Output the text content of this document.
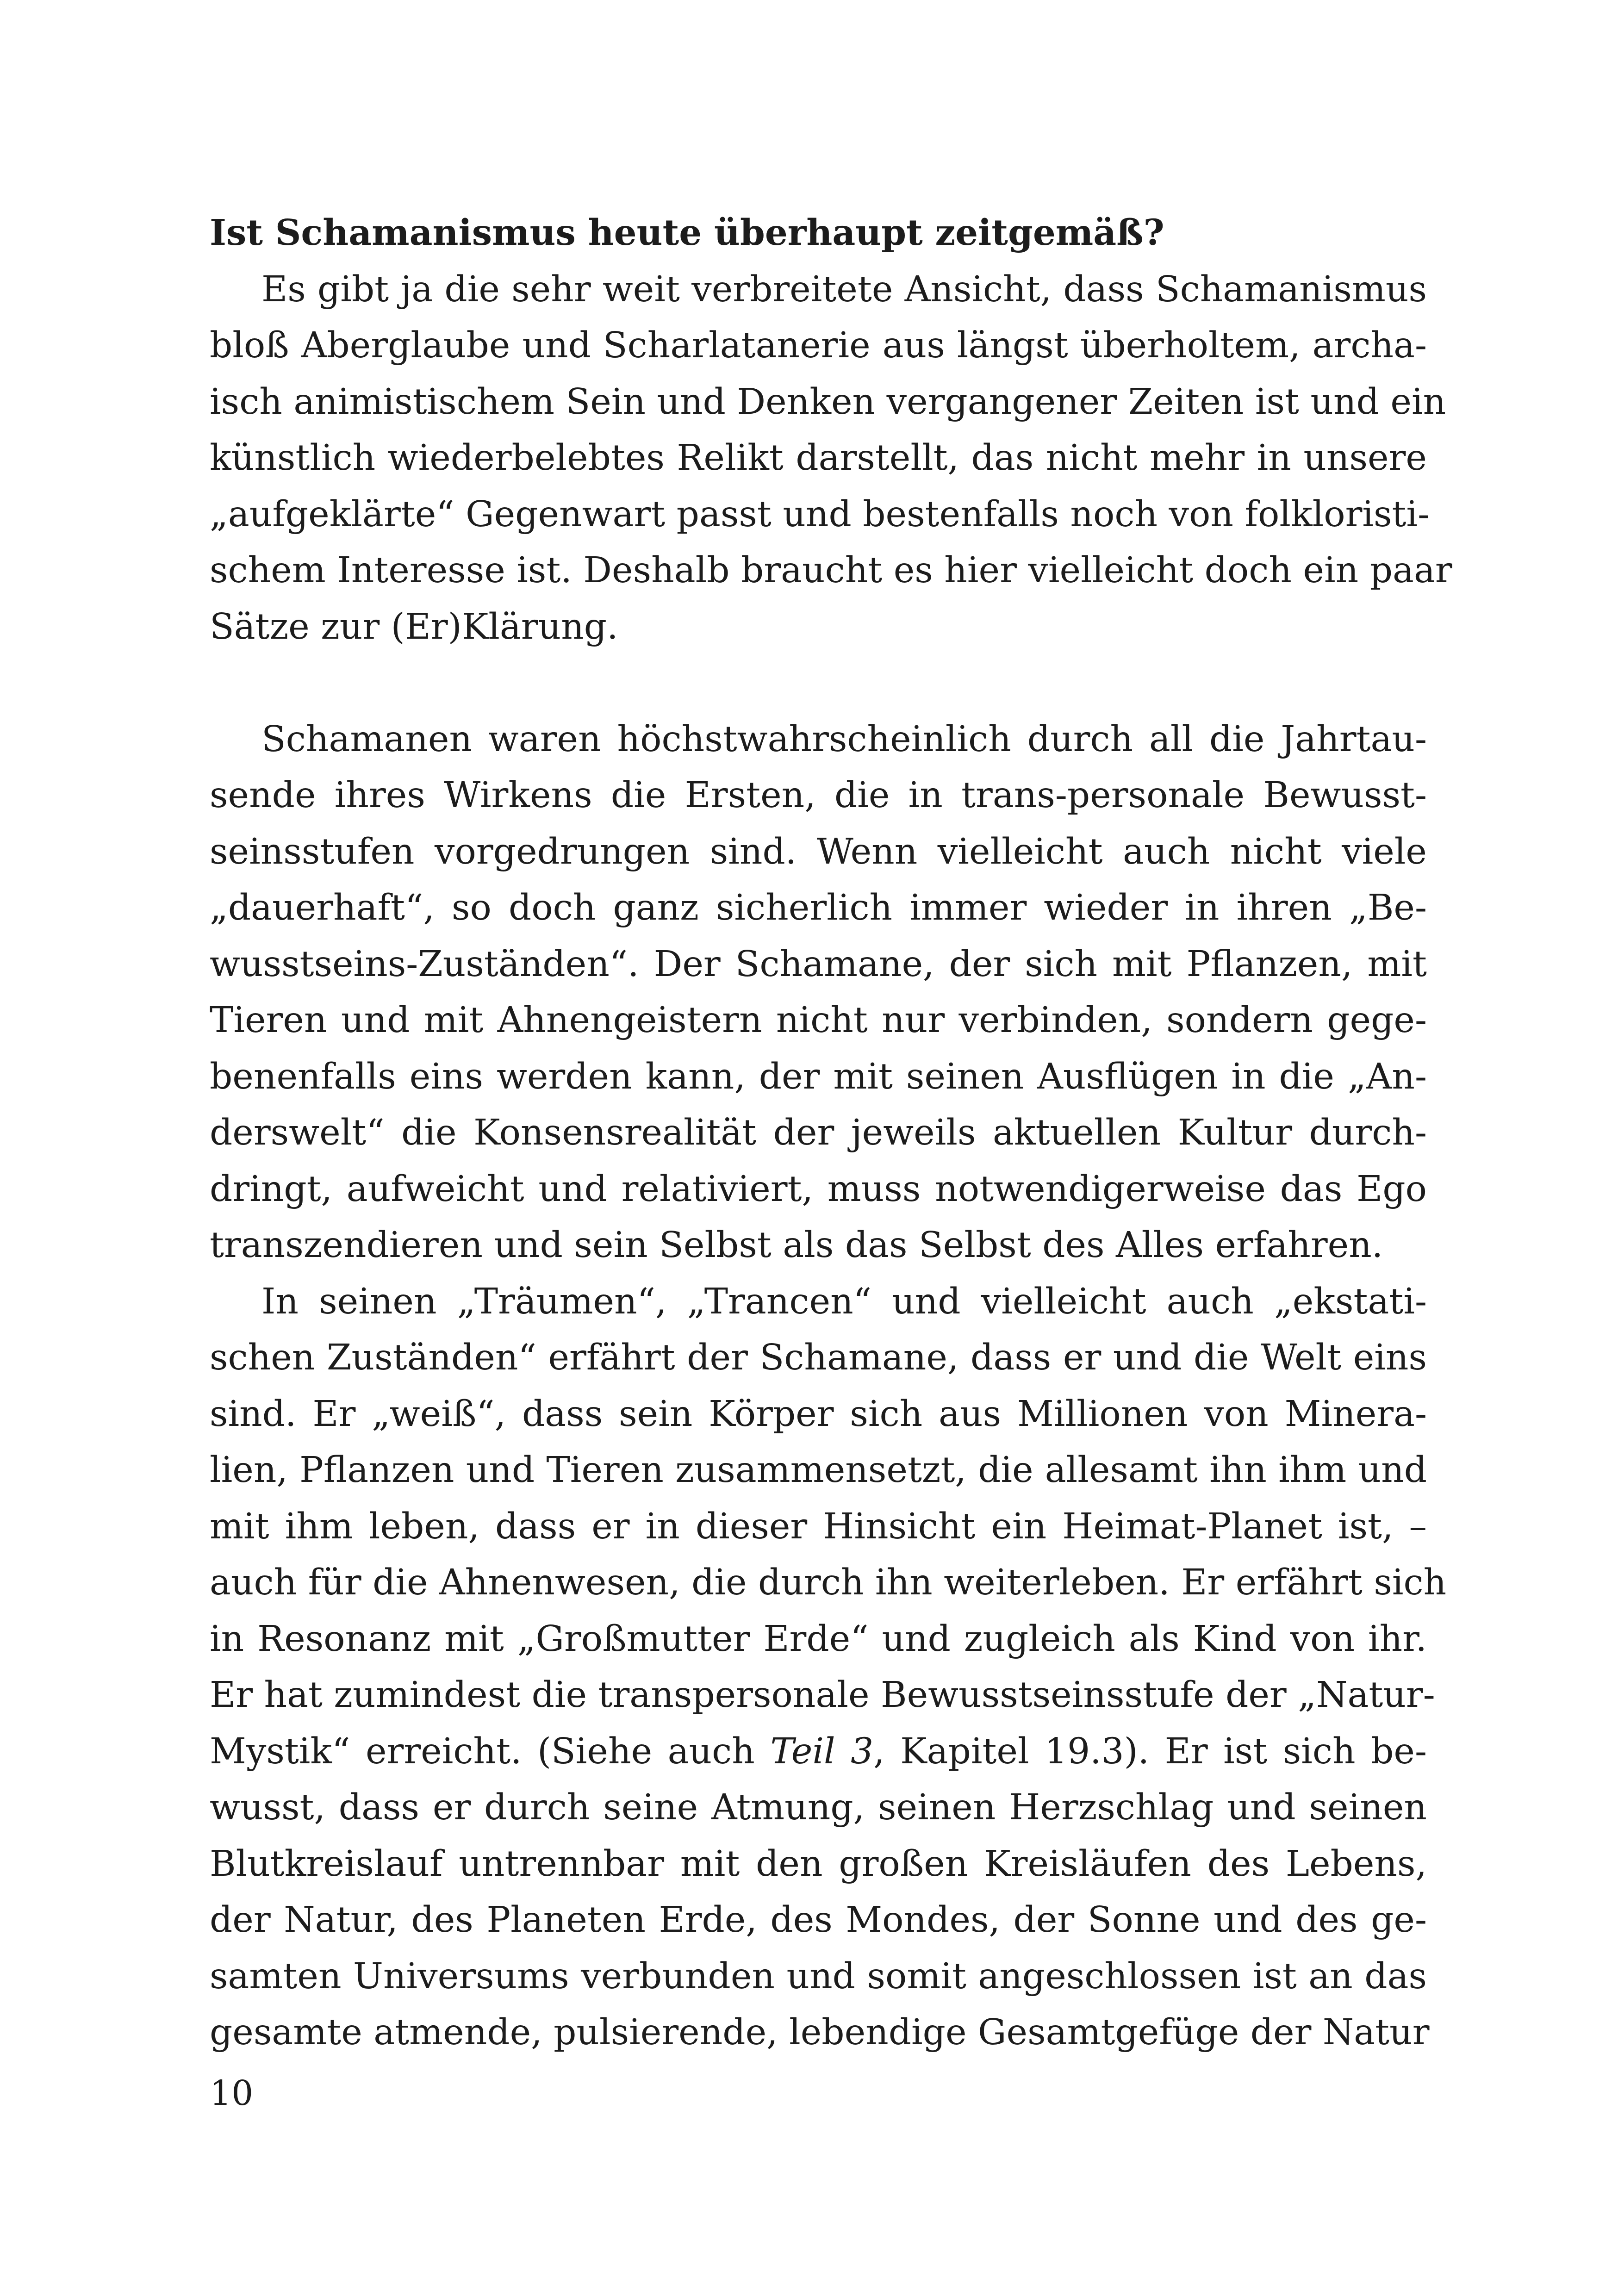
Ist Schamanismus heute überhaupt zeitgemäß?
Es gibt ja die sehr weit verbreitete Ansicht, dass Schamanismus
bloß Aberglaube und Scharlatanerie aus längst überholtem, archa-
isch animistischem Sein und Denken vergangener Zeiten ist und ein
künstlich wiederbelebtes Relikt darstellt, das nicht mehr in unsere
„aufgeklärte“ Gegenwart passt und bestenfalls noch von folkloristi-
schem Interesse ist. Deshalb braucht es hier vielleicht doch ein paar
Sätze zur (Er)Klärung.
Schamanen waren höchstwahrscheinlich durch all die Jahrtau-
sende ihres Wirkens die Ersten, die in trans-personale Bewusst-
seinsstufen vorgedrungen sind. Wenn vielleicht auch nicht viele
„dauerhaft“, so doch ganz sicherlich immer wieder in ihren „Be-
wusstseins-Zuständen“. Der Schamane, der sich mit Pflanzen, mit
Tieren und mit Ahnengeistern nicht nur verbinden, sondern gege-
benenfalls eins werden kann, der mit seinen Ausflügen in die „An-
derswelt“ die Konsensrealität der jeweils aktuellen Kultur durch-
dringt, aufweicht und relativiert, muss notwendigerweise das Ego
transzendieren und sein Selbst als das Selbst des Alles erfahren.
In seinen „Träumen“, „Trancen“ und vielleicht auch „ekstati-
schen Zuständen“ erfährt der Schamane, dass er und die Welt eins
sind. Er „weiß“, dass sein Körper sich aus Millionen von Minera-
lien, Pflanzen und Tieren zusammensetzt, die allesamt ihn ihm und
mit ihm leben, dass er in dieser Hinsicht ein Heimat-Planet ist, –
auch für die Ahnenwesen, die durch ihn weiterleben. Er erfährt sich
in Resonanz mit „Großmutter Erde“ und zugleich als Kind von ihr.
Er hat zumindest die transpersonale Bewusstseinsstufe der „Natur-
Mystik“ erreicht. (Siehe auch Teil 3, Kapitel 19.3). Er ist sich be-
wusst, dass er durch seine Atmung, seinen Herzschlag und seinen
Blutkreislauf untrennbar mit den großen Kreisläufen des Lebens,
der Natur, des Planeten Erde, des Mondes, der Sonne und des ge-
samten Universums verbunden und somit angeschlossen ist an das
gesamte atmende, pulsierende, lebendige Gesamtgefüge der Natur
10
